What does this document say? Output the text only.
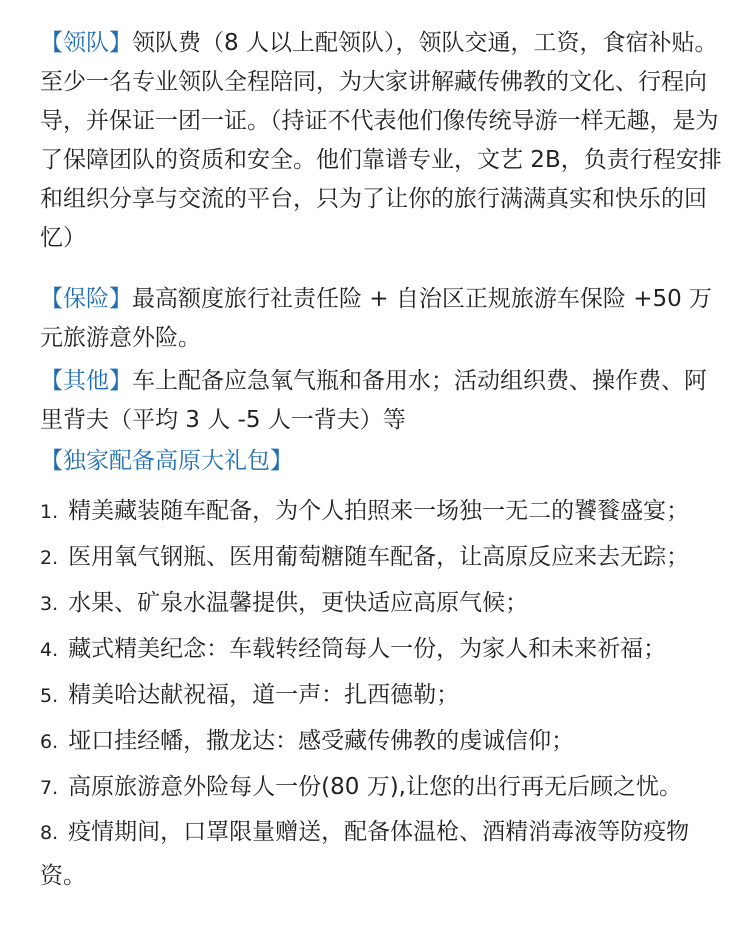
【领队】领队费（8 人以上配领队），领队交通，工资，食宿补贴。至少一名专业领队全程陪同，为大家讲解藏传佛教的文化、行程向导，并保证一团一证。（持证不代表他们像传统导游一样无趣，是为了保障团队的资质和安全。他们靠谱专业，文艺 2B，负责行程安排和组织分享与交流的平台，只为了让你的旅行满满真实和快乐的回忆）

【保险】最高额度旅行社责任险 + 自治区正规旅游车保险 +50 万元旅游意外险。

【其他】车上配备应急氧气瓶和备用水；活动组织费、操作费、阿里背夫（平均 3 人 -5 人一背夫）等

【独家配备高原大礼包】
1. 精美藏装随车配备，为个人拍照来一场独一无二的饕餮盛宴；
2. 医用氧气钢瓶、医用葡萄糖随车配备，让高原反应来去无踪；
3. 水果、矿泉水温馨提供，更快适应高原气候；
4. 藏式精美纪念：车载转经筒每人一份，为家人和未来祈福；
5. 精美哈达献祝福，道一声：扎西德勒；
6. 垭口挂经幡，撒龙达：感受藏传佛教的虔诚信仰；
7. 高原旅游意外险每人一份(80 万),让您的出行再无后顾之忧。
8. 疫情期间，口罩限量赠送，配备体温枪、酒精消毒液等防疫物资。
